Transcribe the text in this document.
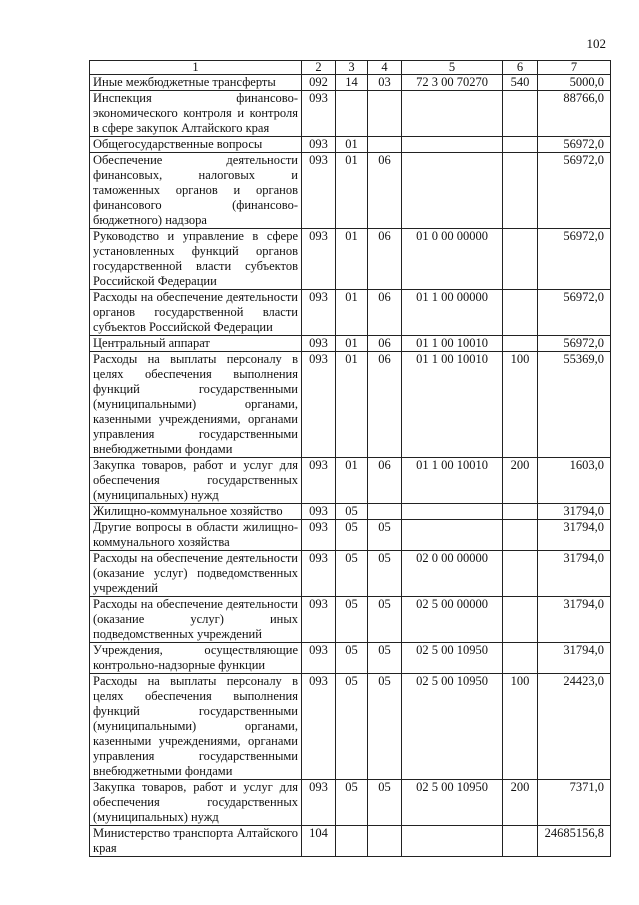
102
1	2	3	4	5	6	7
Иные межбюджетные трансферты	092	14	03	72 3 00 70270	540	5000,0
Инспекция финансово-экономического контроля и контроля в сфере закупок Алтайского края	093					88766,0
Общегосударственные вопросы	093	01				56972,0
Обеспечение деятельности финансовых, налоговых и таможенных органов и органов финансового (финансово-бюджетного) надзора	093	01	06			56972,0
Руководство и управление в сфере установленных функций органов государственной власти субъектов Российской Федерации	093	01	06	01 0 00 00000		56972,0
Расходы на обеспечение деятельности органов государственной власти субъектов Российской Федерации	093	01	06	01 1 00 00000		56972,0
Центральный аппарат	093	01	06	01 1 00 10010		56972,0
Расходы на выплаты персоналу в целях обеспечения выполнения функций государственными (муниципальными) органами, казенными учреждениями, органами управления государственными внебюджетными фондами	093	01	06	01 1 00 10010	100	55369,0
Закупка товаров, работ и услуг для обеспечения государственных (муниципальных) нужд	093	01	06	01 1 00 10010	200	1603,0
Жилищно-коммунальное хозяйство	093	05				31794,0
Другие вопросы в области жилищно-коммунального хозяйства	093	05	05			31794,0
Расходы на обеспечение деятельности (оказание услуг) подведомственных учреждений	093	05	05	02 0 00 00000		31794,0
Расходы на обеспечение деятельности (оказание услуг) иных подведомственных учреждений	093	05	05	02 5 00 00000		31794,0
Учреждения, осуществляющие контрольно-надзорные функции	093	05	05	02 5 00 10950		31794,0
Расходы на выплаты персоналу в целях обеспечения выполнения функций государственными (муниципальными) органами, казенными учреждениями, органами управления государственными внебюджетными фондами	093	05	05	02 5 00 10950	100	24423,0
Закупка товаров, работ и услуг для обеспечения государственных (муниципальных) нужд	093	05	05	02 5 00 10950	200	7371,0
Министерство транспорта Алтайского края	104					24685156,8
